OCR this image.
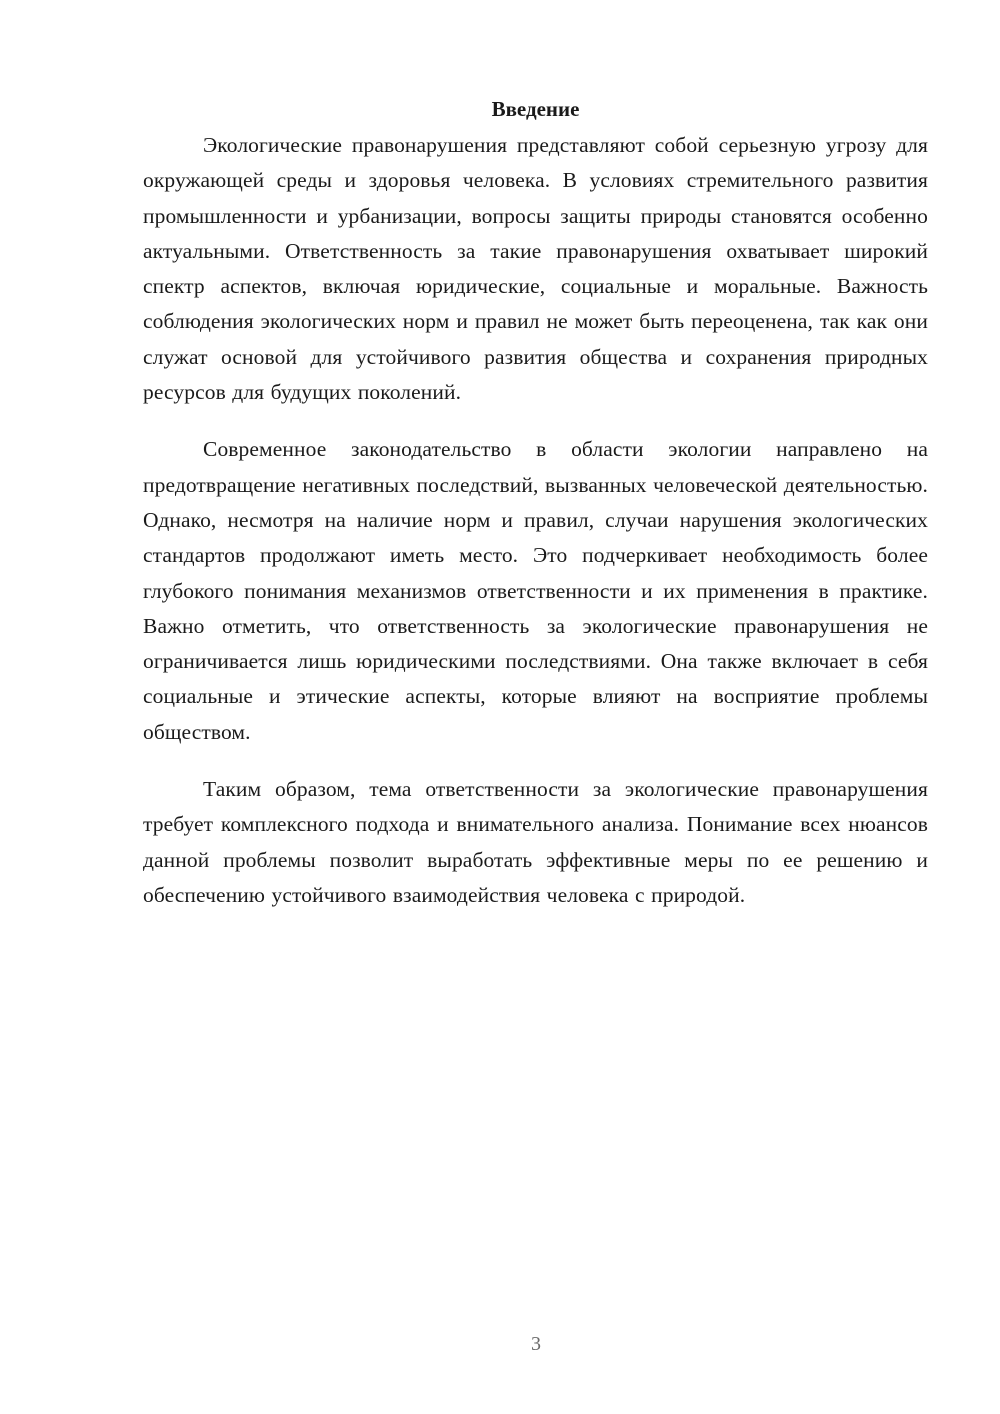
Введение

Экологические правонарушения представляют собой серьезную угрозу для окружающей среды и здоровья человека. В условиях стремительного развития промышленности и урбанизации, вопросы защиты природы становятся особенно актуальными. Ответственность за такие правонарушения охватывает широкий спектр аспектов, включая юридические, социальные и моральные. Важность соблюдения экологических норм и правил не может быть переоценена, так как они служат основой для устойчивого развития общества и сохранения природных ресурсов для будущих поколений.

Современное законодательство в области экологии направлено на предотвращение негативных последствий, вызванных человеческой деятельностью. Однако, несмотря на наличие норм и правил, случаи нарушения экологических стандартов продолжают иметь место. Это подчеркивает необходимость более глубокого понимания механизмов ответственности и их применения в практике. Важно отметить, что ответственность за экологические правонарушения не ограничивается лишь юридическими последствиями. Она также включает в себя социальные и этические аспекты, которые влияют на восприятие проблемы обществом.

Таким образом, тема ответственности за экологические правонарушения требует комплексного подхода и внимательного анализа. Понимание всех нюансов данной проблемы позволит выработать эффективные меры по ее решению и обеспечению устойчивого взаимодействия человека с природой.

3
